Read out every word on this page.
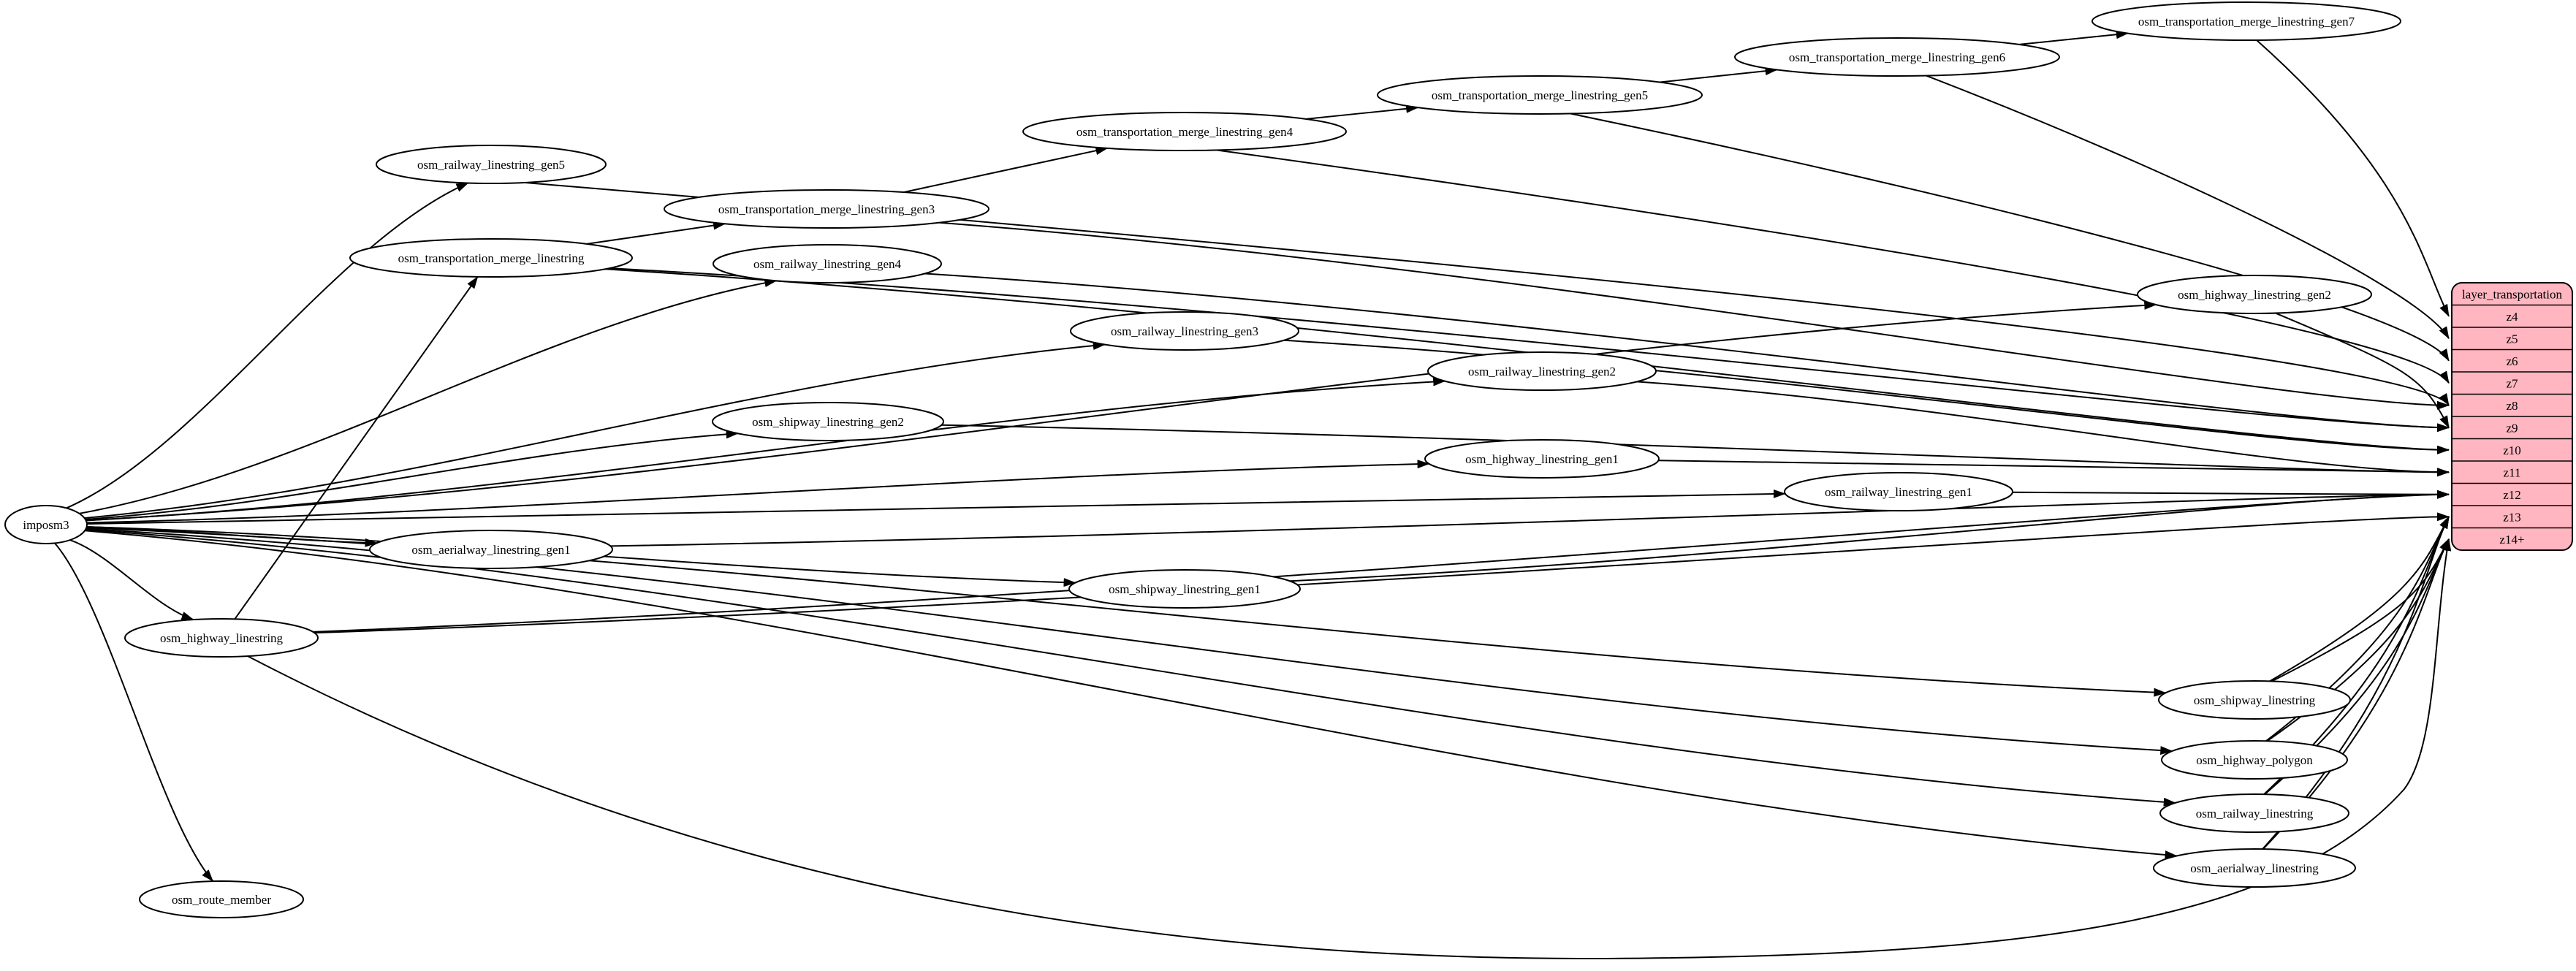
imposm3
osm_railway_linestring_gen5
osm_transportation_merge_linestring
osm_transportation_merge_linestring_gen3
osm_railway_linestring_gen4
osm_transportation_merge_linestring_gen4
osm_transportation_merge_linestring_gen5
osm_transportation_merge_linestring_gen6
osm_transportation_merge_linestring_gen7
osm_highway_linestring_gen2
osm_railway_linestring_gen3
osm_railway_linestring_gen2
osm_shipway_linestring_gen2
osm_highway_linestring_gen1
osm_railway_linestring_gen1
osm_aerialway_linestring_gen1
osm_shipway_linestring_gen1
osm_highway_linestring
osm_shipway_linestring
osm_highway_polygon
osm_railway_linestring
osm_aerialway_linestring
osm_route_member
layer_transportation
z4
z5
z6
z7
z8
z9
z10
z11
z12
z13
z14+
